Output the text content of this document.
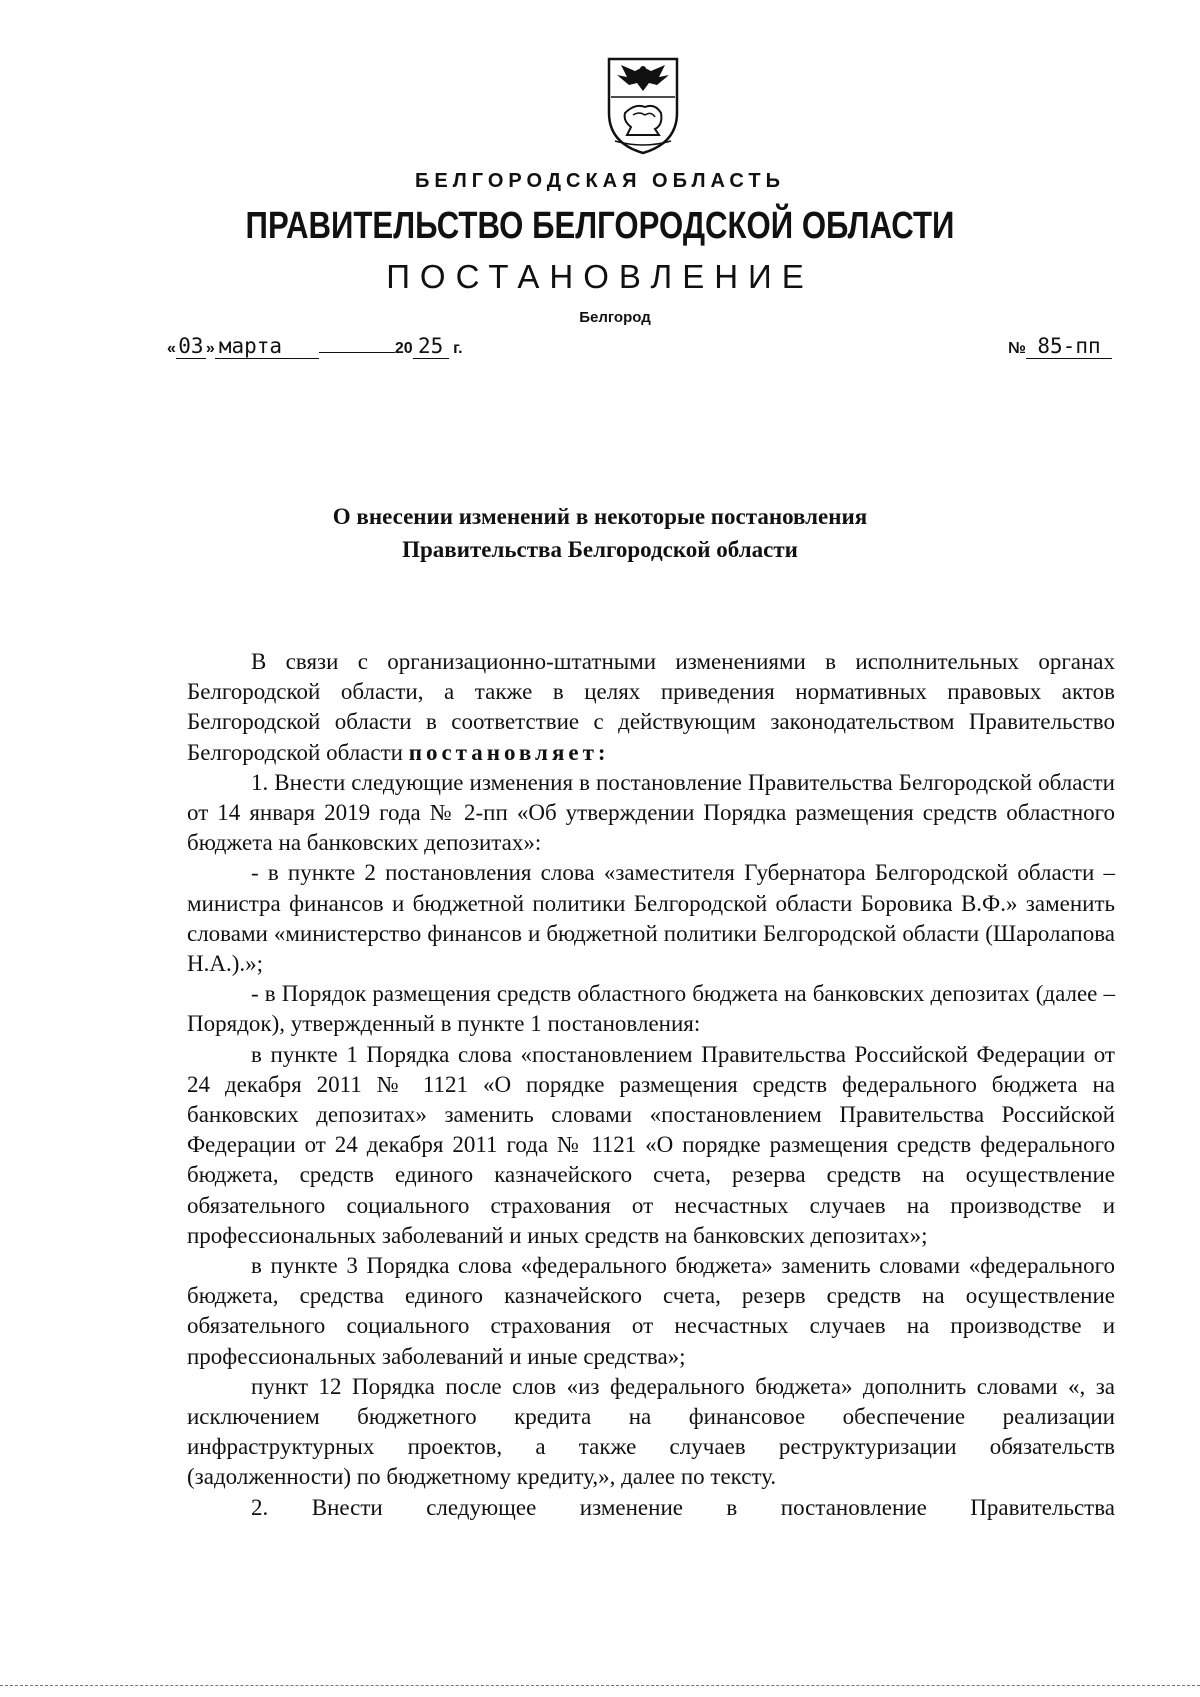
БЕЛГОРОДСКАЯ ОБЛАСТЬ
ПРАВИТЕЛЬСТВО БЕЛГОРОДСКОЙ ОБЛАСТИ
ПОСТАНОВЛЕНИЕ
Белгород
« 03 » марта	20 25 г.	№ 85-пп
О внесении изменений в некоторые постановления
Правительства Белгородской области

В связи с организационно-штатными изменениями в исполнительных органах Белгородской области, а также в целях приведения нормативных правовых актов Белгородской области в соответствие с действующим законодательством Правительство Белгородской области постановляет:

1. Внести следующие изменения в постановление Правительства Белгородской области от 14 января 2019 года № 2-пп «Об утверждении Порядка размещения средств областного бюджета на банковских депозитах»:

- в пункте 2 постановления слова «заместителя Губернатора Белгородской области – министра финансов и бюджетной политики Белгородской области Боровика В.Ф.» заменить словами «министерство финансов и бюджетной политики Белгородской области (Шаролапова Н.А.).»;

- в Порядок размещения средств областного бюджета на банковских депозитах (далее – Порядок), утвержденный в пункте 1 постановления:

в пункте 1 Порядка слова «постановлением Правительства Российской Федерации от 24 декабря 2011 № 1121 «О порядке размещения средств федерального бюджета на банковских депозитах» заменить словами «постановлением Правительства Российской Федерации от 24 декабря 2011 года № 1121 «О порядке размещения средств федерального бюджета, средств единого казначейского счета, резерва средств на осуществление обязательного социального страхования от несчастных случаев на производстве и профессиональных заболеваний и иных средств на банковских депозитах»;

в пункте 3 Порядка слова «федерального бюджета» заменить словами «федерального бюджета, средства единого казначейского счета, резерв средств на осуществление обязательного социального страхования от несчастных случаев на производстве и профессиональных заболеваний и иные средства»;

пункт 12 Порядка после слов «из федерального бюджета» дополнить словами «, за исключением бюджетного кредита на финансовое обеспечение реализации инфраструктурных проектов, а также случаев реструктуризации обязательств (задолженности) по бюджетному кредиту,», далее по тексту.

2. Внести следующее изменение в постановление Правительства
